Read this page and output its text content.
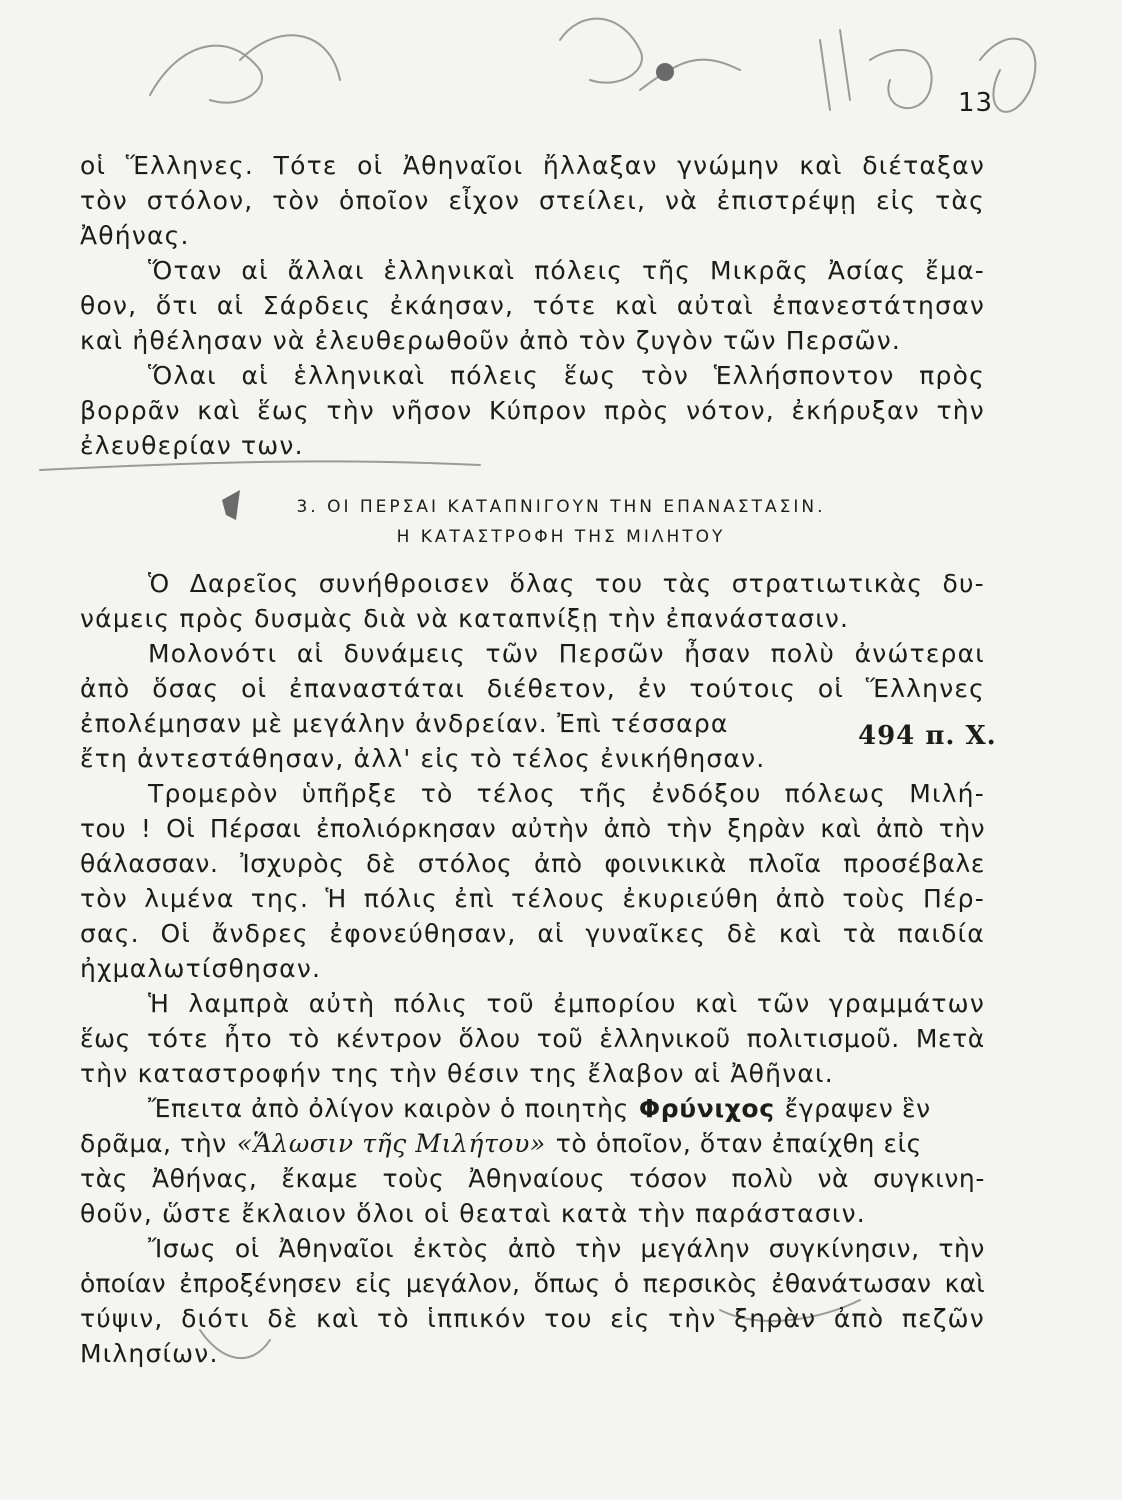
13
οἱ Ἕλληνες. Τότε οἱ Ἀθηναῖοι ἤλλαξαν γνώμην καὶ διέταξαν
τὸν στόλον, τὸν ὁποῖον εἶχον στείλει, νὰ ἐπιστρέψῃ εἰς τὰς
Ἀθήνας.
Ὅταν αἱ ἄλλαι ἑλληνικαὶ πόλεις τῆς Μικρᾶς Ἀσίας ἔμα-
θον, ὅτι αἱ Σάρδεις ἐκάησαν, τότε καὶ αὐταὶ ἐπανεστάτησαν
καὶ ἠθέλησαν νὰ ἐλευθερωθοῦν ἀπὸ τὸν ζυγὸν τῶν Περσῶν.
Ὅλαι αἱ ἑλληνικαὶ πόλεις ἕως τὸν Ἑλλήσποντον πρὸς
βορρᾶν καὶ ἕως τὴν νῆσον Κύπρον πρὸς νότον, ἐκήρυξαν τὴν
ἐλευθερίαν των.
3. ΟΙ ΠΕΡΣΑΙ ΚΑΤΑΠΝΙΓΟΥΝ ΤΗΝ ΕΠΑΝΑΣΤΑΣΙΝ.
Η ΚΑΤΑΣΤΡΟΦΗ ΤΗΣ ΜΙΛΗΤΟΥ
Ὁ Δαρεῖος συνήθροισεν ὅλας του τὰς στρατιωτικὰς δυ-
νάμεις πρὸς δυσμὰς διὰ νὰ καταπνίξῃ τὴν ἐπανάστασιν.
Μολονότι αἱ δυνάμεις τῶν Περσῶν ἦσαν πολὺ ἀνώτεραι
ἀπὸ ὅσας οἱ ἐπαναστάται διέθετον, ἐν τούτοις οἱ Ἕλληνες
ἐπολέμησαν μὲ μεγάλην ἀνδρείαν. Ἐπὶ τέσσαρα
ἔτη ἀντεστάθησαν, ἀλλ' εἰς τὸ τέλος ἐνικήθησαν.
Τρομερὸν ὑπῆρξε τὸ τέλος τῆς ἐνδόξου πόλεως Μιλή-
του ! Οἱ Πέρσαι ἐπολιόρκησαν αὐτὴν ἀπὸ τὴν ξηρὰν καὶ ἀπὸ τὴν
θάλασσαν. Ἰσχυρὸς δὲ στόλος ἀπὸ φοινικικὰ πλοῖα προσέβαλε
τὸν λιμένα της. Ἡ πόλις ἐπὶ τέλους ἐκυριεύθη ἀπὸ τοὺς Πέρ-
σας. Οἱ ἄνδρες ἐφονεύθησαν, αἱ γυναῖκες δὲ καὶ τὰ παιδία
ἠχμαλωτίσθησαν.
Ἡ λαμπρὰ αὐτὴ πόλις τοῦ ἐμπορίου καὶ τῶν γραμμάτων
ἕως τότε ἦτο τὸ κέντρον ὅλου τοῦ ἑλληνικοῦ πολιτισμοῦ. Μετὰ
τὴν καταστροφήν της τὴν θέσιν της ἔλαβον αἱ Ἀθῆναι.
Ἔπειτα ἀπὸ ὀλίγον καιρὸν ὁ ποιητὴς Φρύνιχος ἔγραψεν ἓν
δρᾶμα, τὴν «Ἅλωσιν τῆς Μιλήτου» τὸ ὁποῖον, ὅταν ἐπαίχθη εἰς
τὰς Ἀθήνας, ἔκαμε τοὺς Ἀθηναίους τόσον πολὺ νὰ συγκινη-
θοῦν, ὥστε ἔκλαιον ὅλοι οἱ θεαταὶ κατὰ τὴν παράστασιν.
Ἴσως οἱ Ἀθηναῖοι ἐκτὸς ἀπὸ τὴν μεγάλην συγκίνησιν, τὴν
ὁποίαν ἐπροξένησεν εἰς μεγάλον, ὅπως ὁ περσικὸς ἐθανάτωσαν καὶ
τύψιν, διότι δὲ καὶ τὸ ἱππικόν του εἰς τὴν ξηρὰν ἀπὸ πεζῶν
Μιλησίων.
494 π. Χ.
